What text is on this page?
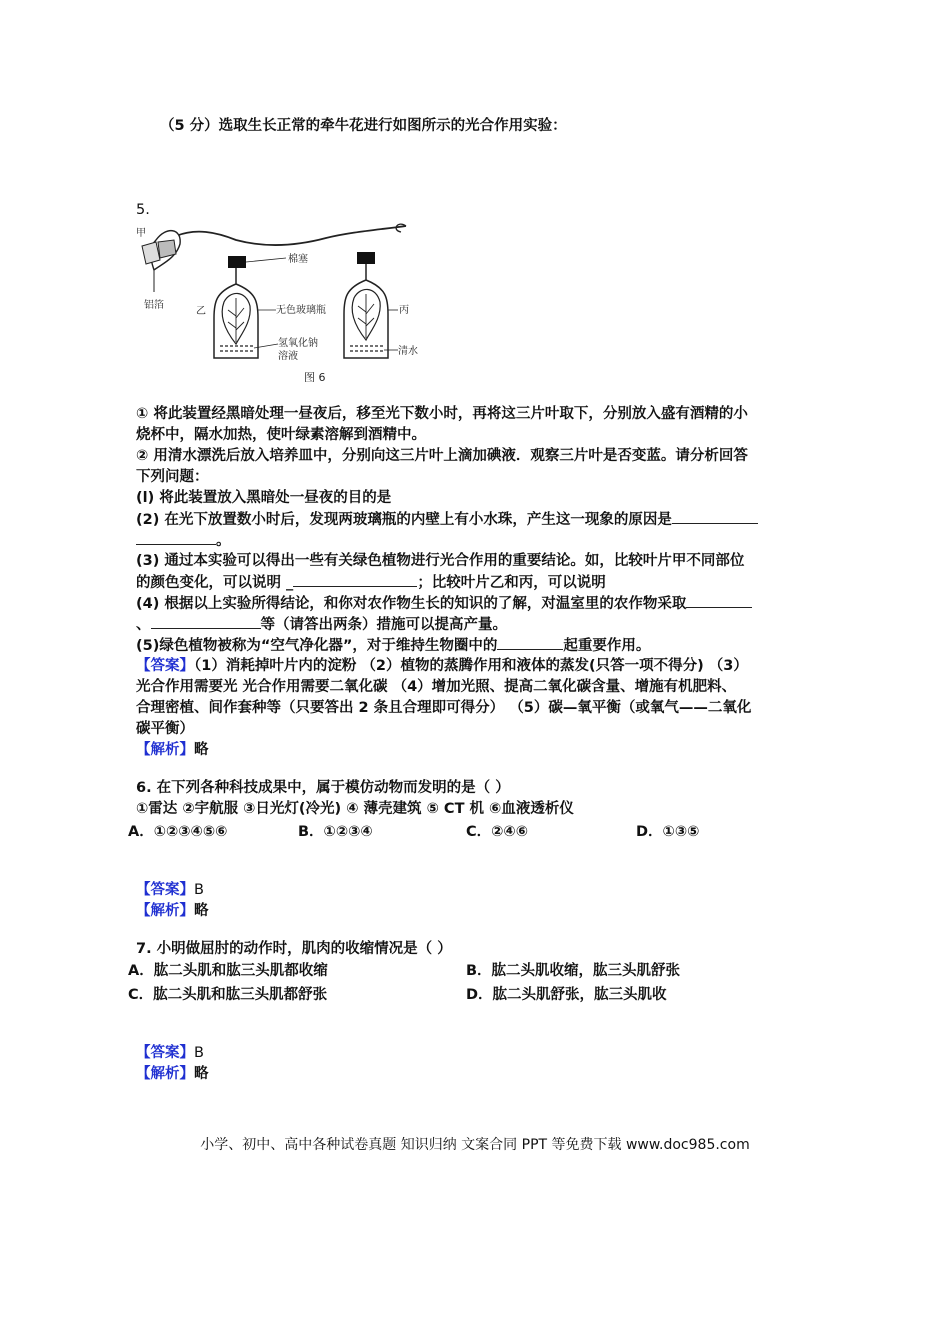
（5 分）选取生长正常的牵牛花进行如图所示的光合作用实验：
5.
甲
铝箔
乙
棉塞
无色玻璃瓶	丙
氢氧化钠
溶液	清水
图 6
① 将此装置经黑暗处理一昼夜后，移至光下数小时，再将这三片叶取下，分别放入盛有酒精的小
烧杯中，隔水加热，使叶绿素溶解到酒精中。
② 用清水漂洗后放入培养皿中，分别向这三片叶上滴加碘液．观察三片叶是否变蓝。请分析回答
下列问题：
(l) 将此装置放入黑暗处一昼夜的目的是
(2) 在光下放置数小时后，发现两玻璃瓶的内壁上有小水珠，产生这一现象的原因是
。
(3) 通过本实验可以得出一些有关绿色植物进行光合作用的重要结论。如，比较叶片甲不同部位
的颜色变化，可以说明 _	；比较叶片乙和丙，可以说明
(4) 根据以上实验所得结论，和你对农作物生长的知识的了解，对温室里的农作物采取
、	等（请答出两条）措施可以提高产量。
(5)绿色植物被称为“空气净化器”，对于维持生物圈中的	起重要作用。
【答案】（1）消耗掉叶片内的淀粉 （2）植物的蒸腾作用和液体的蒸发(只答一项不得分) （3）
光合作用需要光 光合作用需要二氧化碳 （4）增加光照、提高二氧化碳含量、增施有机肥料、
合理密植、间作套种等（只要答出 2 条且合理即可得分） （5）碳—氧平衡（或氧气——二氧化
碳平衡）
【解析】略
6. 在下列各种科技成果中，属于模仿动物而发明的是（ ）
①雷达 ②宇航服 ③日光灯(冷光) ④ 薄壳建筑 ⑤ CT 机 ⑥血液透析仪
A．①②③④⑤⑥	B．①②③④	C．②④⑥	D．①③⑤
【答案】B
【解析】略
7. 小明做屈肘的动作时，肌肉的收缩情况是（ ）
A．肱二头肌和肱三头肌都收缩	B．肱二头肌收缩，肱三头肌舒张
C．肱二头肌和肱三头肌都舒张	D．肱二头肌舒张，肱三头肌收
【答案】B
【解析】略
小学、初中、高中各种试卷真题 知识归纳 文案合同 PPT 等免费下载 www.doc985.com
